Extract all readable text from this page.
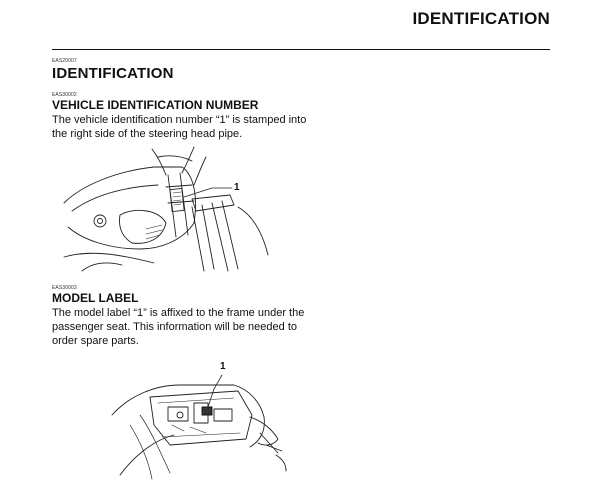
IDENTIFICATION
EAS20007
IDENTIFICATION
EAS30002
VEHICLE IDENTIFICATION NUMBER
The vehicle identification number “1” is stamped into the right side of the steering head pipe.
1
EAS30003
MODEL LABEL
The model label “1” is affixed to the frame under the passenger seat. This information will be needed to order spare parts.
1
